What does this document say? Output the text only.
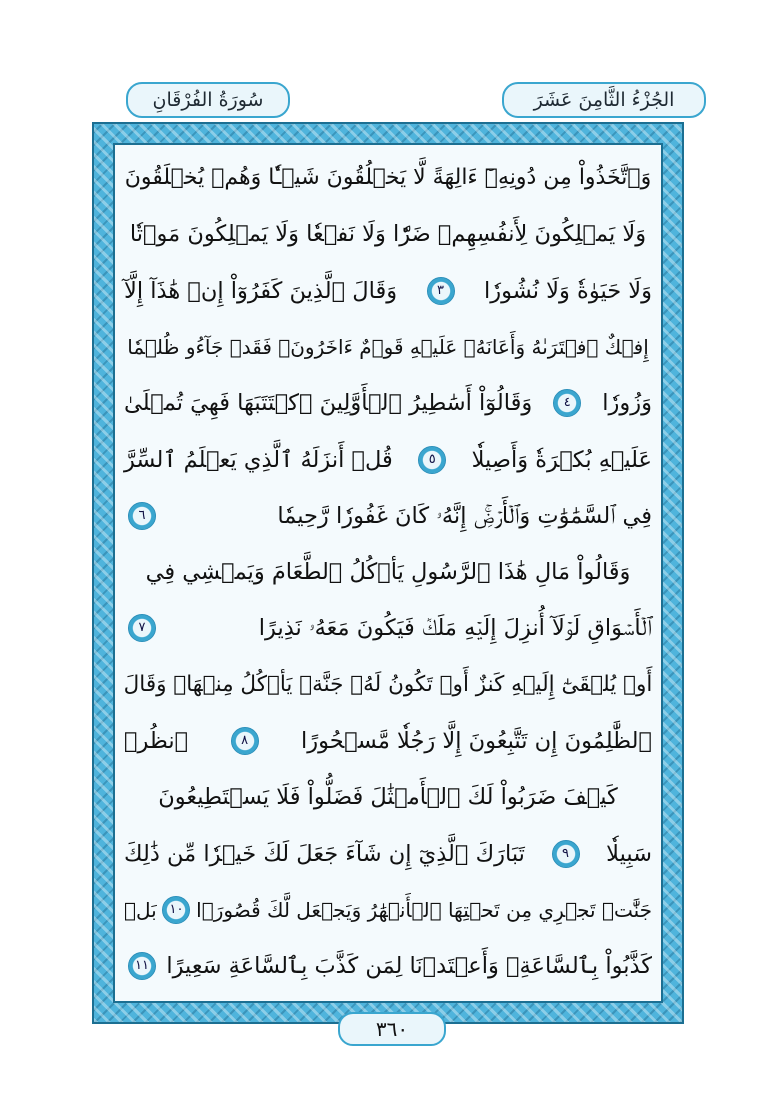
الجُزْءُ الثَّامِنَ عَشَرَ
سُورَةُ الفُرْقَانِ
وَٱتَّخَذُواْ مِن دُونِهِۦٓ ءَالِهَةً لَّا يَخۡلُقُونَ شَيۡـٔٗا وَهُمۡ يُخۡلَقُونَ
وَلَا يَمۡلِكُونَ لِأَنفُسِهِمۡ ضَرّٗا وَلَا نَفۡعٗا وَلَا يَمۡلِكُونَ مَوۡتٗا
وَلَا حَيَوٰةٗ وَلَا نُشُورٗا
٣
وَقَالَ ٱلَّذِينَ كَفَرُوٓاْ إِنۡ هَٰذَآ إِلَّآ
إِفۡكٌ ٱفۡتَرَىٰهُ وَأَعَانَهُۥ عَلَيۡهِ قَوۡمٌ ءَاخَرُونَۖ فَقَدۡ جَآءُو ظُلۡمٗا
وَزُورٗا
٤
وَقَالُوٓاْ أَسَٰطِيرُ ٱلۡأَوَّلِينَ ٱكۡتَتَبَهَا فَهِيَ تُمۡلَىٰ
عَلَيۡهِ بُكۡرَةٗ وَأَصِيلٗا
٥
قُلۡ أَنزَلَهُ ٱلَّذِي يَعۡلَمُ ٱلسِّرَّ
فِي ٱلسَّمَٰوَٰتِ وَٱلۡأَرۡضِۚ إِنَّهُۥ كَانَ غَفُورٗا رَّحِيمٗا
٦
وَقَالُواْ مَالِ هَٰذَا ٱلرَّسُولِ يَأۡكُلُ ٱلطَّعَامَ وَيَمۡشِي فِي
ٱلۡأَسۡوَاقِ لَوۡلَآ أُنزِلَ إِلَيۡهِ مَلَكٞ فَيَكُونَ مَعَهُۥ نَذِيرًا
٧
أَوۡ يُلۡقَىٰٓ إِلَيۡهِ كَنزٌ أَوۡ تَكُونُ لَهُۥ جَنَّةٞ يَأۡكُلُ مِنۡهَاۚ وَقَالَ
ٱلظَّٰلِمُونَ إِن تَتَّبِعُونَ إِلَّا رَجُلٗا مَّسۡحُورًا
٨
ٱنظُرۡ
كَيۡفَ ضَرَبُواْ لَكَ ٱلۡأَمۡثَٰلَ فَضَلُّواْ فَلَا يَسۡتَطِيعُونَ
سَبِيلٗا
٩
تَبَارَكَ ٱلَّذِيٓ إِن شَآءَ جَعَلَ لَكَ خَيۡرٗا مِّن ذَٰلِكَ
جَنَّٰتٖ تَجۡرِي مِن تَحۡتِهَا ٱلۡأَنۡهَٰرُ وَيَجۡعَل لَّكَ قُصُورَۢا
١٠
بَلۡ
كَذَّبُواْ بِٱلسَّاعَةِۖ وَأَعۡتَدۡنَا لِمَن كَذَّبَ بِٱلسَّاعَةِ سَعِيرًا
١١
٣٦٠
